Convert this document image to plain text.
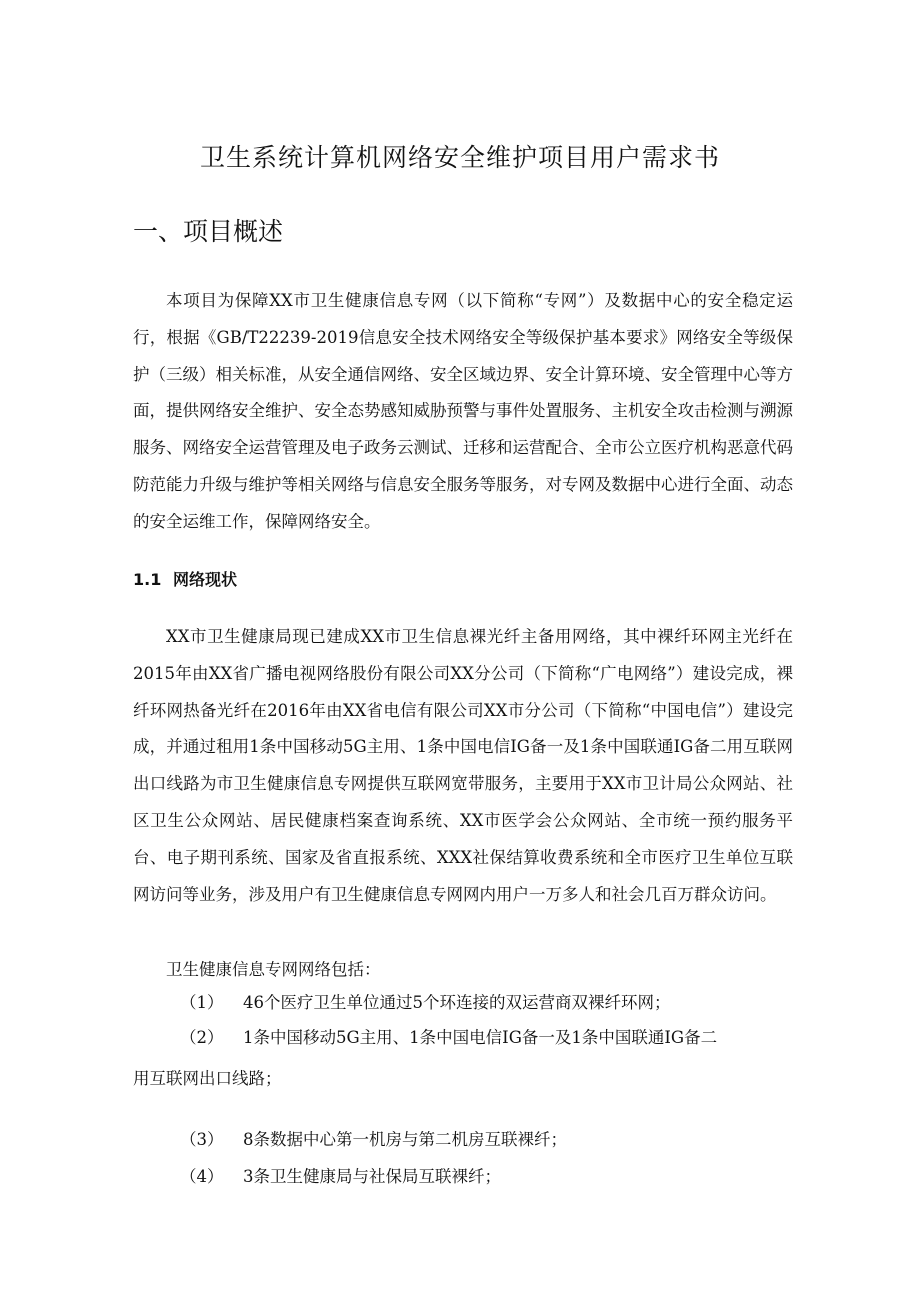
卫生系统计算机网络安全维护项目用户需求书
一、项目概述

本项目为保障XX市卫生健康信息专网（以下简称“专网”）及数据中心的安全稳定运行，根据《GB/T22239-2019信息安全技术网络安全等级保护基本要求》网络安全等级保护（三级）相关标准，从安全通信网络、安全区域边界、安全计算环境、安全管理中心等方面，提供网络安全维护、安全态势感知威胁预警与事件处置服务、主机安全攻击检测与溯源服务、网络安全运营管理及电子政务云测试、迁移和运营配合、全市公立医疗机构恶意代码防范能力升级与维护等相关网络与信息安全服务等服务，对专网及数据中心进行全面、动态的安全运维工作，保障网络安全。

1.1 网络现状

XX市卫生健康局现已建成XX市卫生信息裸光纤主备用网络，其中裸纤环网主光纤在2015年由XX省广播电视网络股份有限公司XX分公司（下简称“广电网络”）建设完成，裸纤环网热备光纤在2016年由XX省电信有限公司XX市分公司（下简称“中国电信”）建设完成，并通过租用1条中国移动5G主用、1条中国电信IG备一及1条中国联通IG备二用互联网出口线路为市卫生健康信息专网提供互联网宽带服务，主要用于XX市卫计局公众网站、社区卫生公众网站、居民健康档案查询系统、XX市医学会公众网站、全市统一预约服务平台、电子期刊系统、国家及省直报系统、XXX社保结算收费系统和全市医疗卫生单位互联网访问等业务，涉及用户有卫生健康信息专网网内用户一万多人和社会几百万群众访问。

卫生健康信息专网网络包括：

（1） 46个医疗卫生单位通过5个环连接的双运营商双裸纤环网；
（2） 1条中国移动5G主用、1条中国电信IG备一及1条中国联通IG备二
用互联网出口线路；
（3） 8条数据中心第一机房与第二机房互联裸纤；
（4） 3条卫生健康局与社保局互联裸纤；
